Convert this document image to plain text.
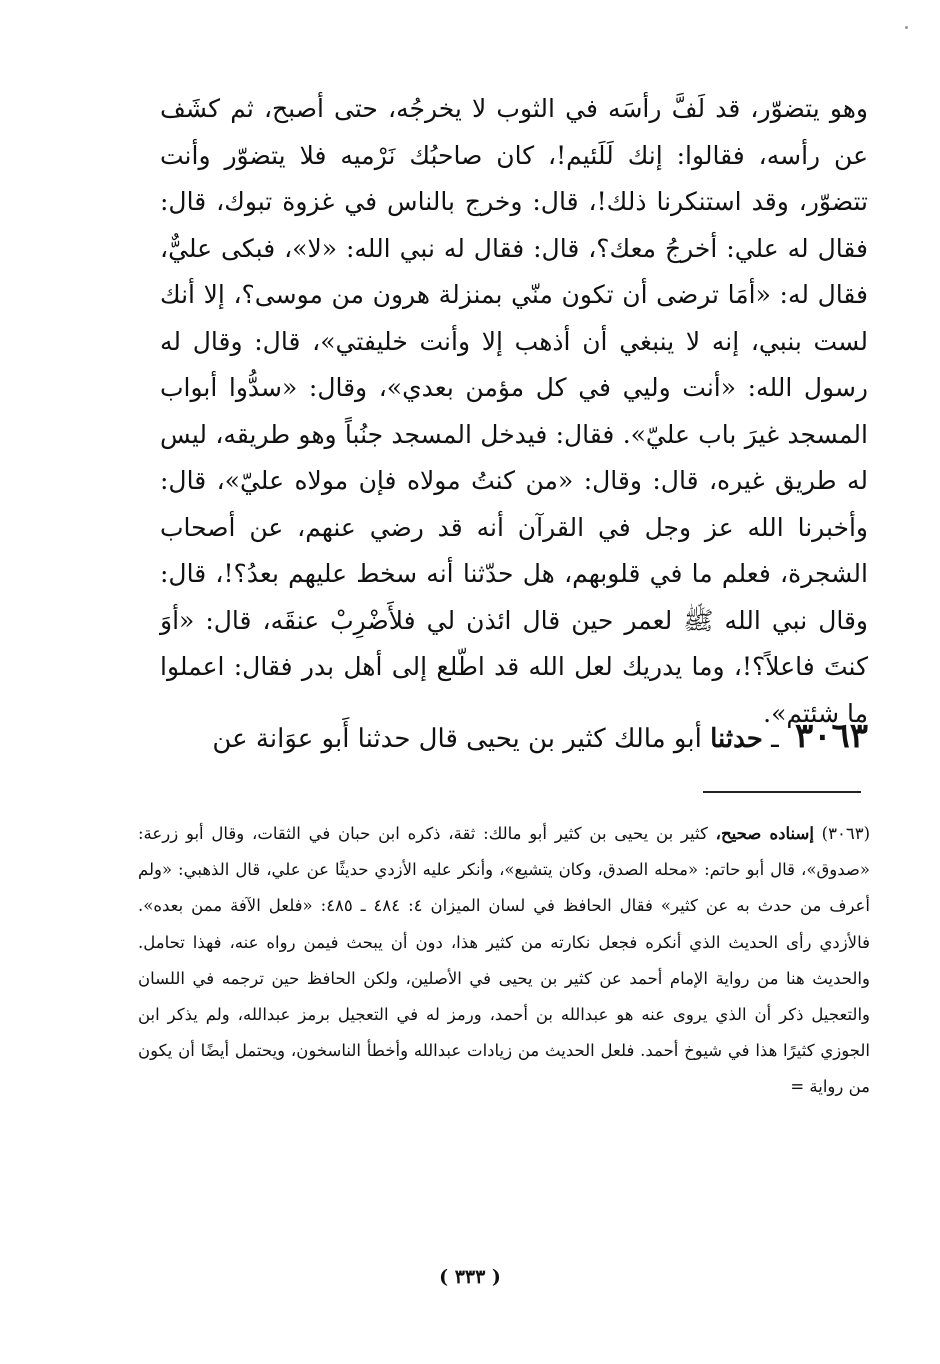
وهو يتضوّر، قد لَفَّ رأسَه في الثوب لا يخرجُه، حتى أصبح، ثم كشَف عن رأسه، فقالوا: إنك لَلَئيم!، كان صاحبُك نَرْميه فلا يتضوّر وأنت تتضوّر، وقد استنكرنا ذلك!، قال: وخرج بالناس في غزوة تبوك، قال: فقال له علي: أخرجُ معك؟، قال: فقال له نبي الله: «لا»، فبكى عليٌّ، فقال له: «أمَا ترضى أن تكون منّي بمنزلة هرون من موسى؟، إلا أنك لست بنبي، إنه لا ينبغي أن أذهب إلا وأنت خليفتي»، قال: وقال له رسول الله: «أنت وليي في كل مؤمن بعدي»، وقال: «سدُّوا أبواب المسجد غيرَ باب عليّ». فقال: فيدخل المسجد جنُباً وهو طريقه، ليس له طريق غيره، قال: وقال: «من كنتُ مولاه فإن مولاه عليّ»، قال: وأخبرنا الله عز وجل في القرآن أنه قد رضي عنهم، عن أصحاب الشجرة، فعلم ما في قلوبهم، هل حدّثنا أنه سخط عليهم بعدُ؟!، قال: وقال نبي الله ﷺ لعمر حين قال ائذن لي فلأَضْرِبْ عنقَه، قال: «أوَ كنتَ فاعلاً؟!، وما يدريك لعل الله قد اطّلع إلى أهل بدر فقال: اعملوا ما شئتم».

٣٠٦٣ ـ حدثنا أبو مالك كثير بن يحيى قال حدثنا أَبو عوَانة عن
(٣٠٦٣) إسناده صحيح، كثير بن يحيى بن كثير أبو مالك: ثقة، ذكره ابن حبان في الثقات، وقال أبو زرعة: «صدوق»، قال أبو حاتم: «محله الصدق، وكان يتشيع»، وأنكر عليه الأزدي حديثًا عن علي، قال الذهبي: «ولم أعرف من حدث به عن كثير» فقال الحافظ في لسان الميزان ٤: ٤٨٤ ـ ٤٨٥: «فلعل الآفة ممن بعده». فالأزدي رأى الحديث الذي أنكره فجعل نكارته من كثير هذا، دون أن يبحث فيمن رواه عنه، فهذا تحامل. والحديث هنا من رواية الإمام أحمد عن كثير بن يحيى في الأصلين، ولكن الحافظ حين ترجمه في اللسان والتعجيل ذكر أن الذي يروى عنه هو عبدالله بن أحمد، ورمز له في التعجيل برمز عبدالله، ولم يذكر ابن الجوزي كثيرًا هذا في شيوخ أحمد. فلعل الحديث من زيادات عبدالله وأخطأ الناسخون، ويحتمل أيضًا أن يكون من رواية =
( ٣٣٣ )
